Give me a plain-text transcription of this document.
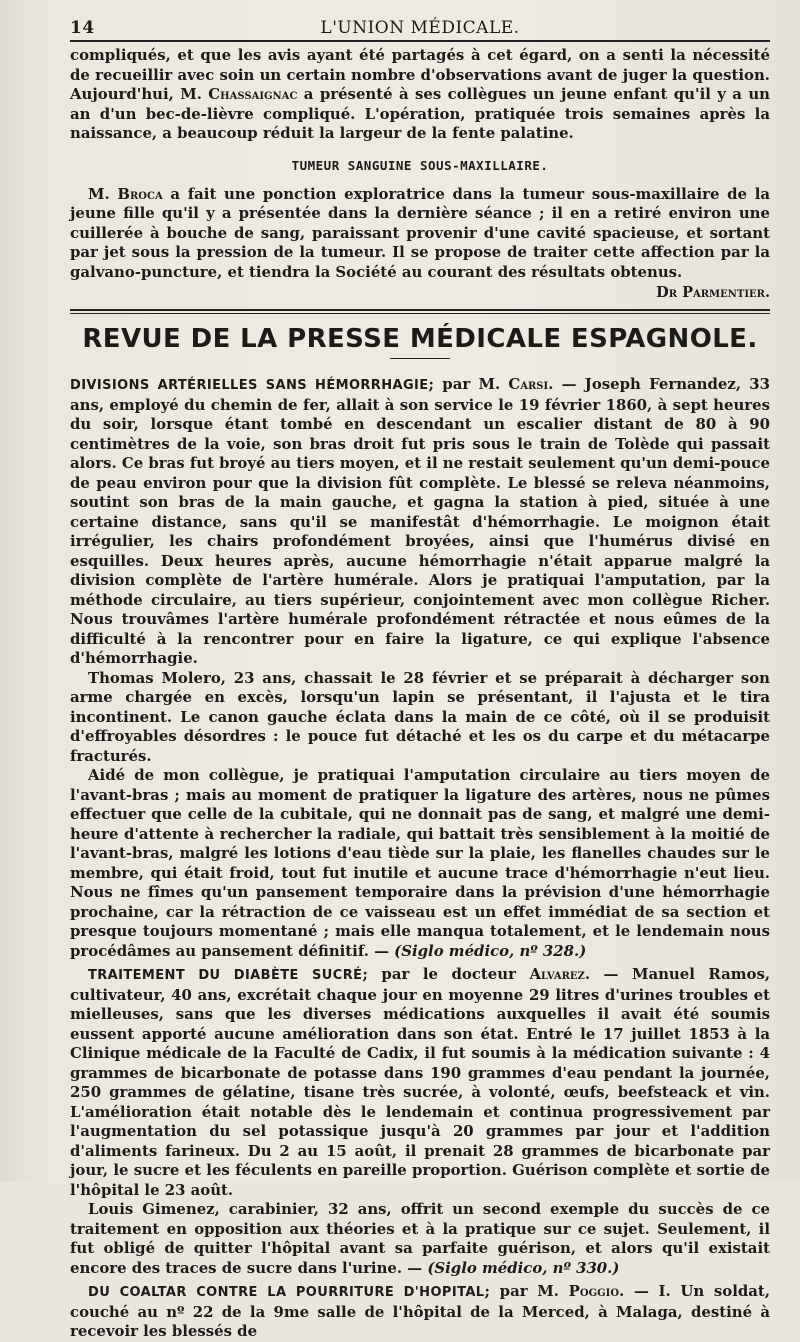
14	L'UNION MÉDICALE.

compliqués, et que les avis ayant été partagés à cet égard, on a senti la nécessité de recueillir avec soin un certain nombre d'observations avant de juger la question. Aujourd'hui, M. Chassaignac a présenté à ses collègues un jeune enfant qu'il y a un an d'un bec-de-lièvre compliqué. L'opération, pratiquée trois semaines après la naissance, a beaucoup réduit la largeur de la fente palatine.

TUMEUR SANGUINE SOUS-MAXILLAIRE.

M. Broca a fait une ponction exploratrice dans la tumeur sous-maxillaire de la jeune fille qu'il y a présentée dans la dernière séance ; il en a retiré environ une cuillerée à bouche de sang, paraissant provenir d'une cavité spacieuse, et sortant par jet sous la pression de la tumeur. Il se propose de traiter cette affection par la galvano-puncture, et tiendra la Société au courant des résultats obtenus.

Dr Parmentier.
REVUE DE LA PRESSE MÉDICALE ESPAGNOLE.

DIVISIONS ARTÉRIELLES SANS HÉMORRHAGIE; par M. Carsi. — Joseph Fernandez, 33 ans, employé du chemin de fer, allait à son service le 19 février 1860, à sept heures du soir, lorsque étant tombé en descendant un escalier distant de 80 à 90 centimètres de la voie, son bras droit fut pris sous le train de Tolède qui passait alors. Ce bras fut broyé au tiers moyen, et il ne restait seulement qu'un demi-pouce de peau environ pour que la division fût complète. Le blessé se releva néanmoins, soutint son bras de la main gauche, et gagna la station à pied, située à une certaine distance, sans qu'il se manifestât d'hémorrhagie. Le moignon était irrégulier, les chairs profondément broyées, ainsi que l'humérus divisé en esquilles. Deux heures après, aucune hémorrhagie n'était apparue malgré la division complète de l'artère humérale. Alors je pratiquai l'amputation, par la méthode circulaire, au tiers supérieur, conjointement avec mon collègue Richer. Nous trouvâmes l'artère humérale profondément rétractée et nous eûmes de la difficulté à la rencontrer pour en faire la ligature, ce qui explique l'absence d'hémorrhagie.

Thomas Molero, 23 ans, chassait le 28 février et se préparait à décharger son arme chargée en excès, lorsqu'un lapin se présentant, il l'ajusta et le tira incontinent. Le canon gauche éclata dans la main de ce côté, où il se produisit d'effroyables désordres : le pouce fut détaché et les os du carpe et du métacarpe fracturés.

Aidé de mon collègue, je pratiquai l'amputation circulaire au tiers moyen de l'avant-bras ; mais au moment de pratiquer la ligature des artères, nous ne pûmes effectuer que celle de la cubitale, qui ne donnait pas de sang, et malgré une demi-heure d'attente à rechercher la radiale, qui battait très sensiblement à la moitié de l'avant-bras, malgré les lotions d'eau tiède sur la plaie, les flanelles chaudes sur le membre, qui était froid, tout fut inutile et aucune trace d'hémorrhagie n'eut lieu. Nous ne fîmes qu'un pansement temporaire dans la prévision d'une hémorrhagie prochaine, car la rétraction de ce vaisseau est un effet immédiat de sa section et presque toujours momentané ; mais elle manqua totalement, et le lendemain nous procédâmes au pansement définitif. — (Siglo médico, nº 328.)

TRAITEMENT DU DIABÈTE SUCRÉ; par le docteur Alvarez. — Manuel Ramos, cultivateur, 40 ans, excrétait chaque jour en moyenne 29 litres d'urines troubles et mielleuses, sans que les diverses médications auxquelles il avait été soumis eussent apporté aucune amélioration dans son état. Entré le 17 juillet 1853 à la Clinique médicale de la Faculté de Cadix, il fut soumis à la médication suivante : 4 grammes de bicarbonate de potasse dans 190 grammes d'eau pendant la journée, 250 grammes de gélatine, tisane très sucrée, à volonté, œufs, beefsteack et vin. L'amélioration était notable dès le lendemain et continua progressivement par l'augmentation du sel potassique jusqu'à 20 grammes par jour et l'addition d'aliments farineux. Du 2 au 15 août, il prenait 28 grammes de bicarbonate par jour, le sucre et les féculents en pareille proportion. Guérison complète et sortie de l'hôpital le 23 août.

Louis Gimenez, carabinier, 32 ans, offrit un second exemple du succès de ce traitement en opposition aux théories et à la pratique sur ce sujet. Seulement, il fut obligé de quitter l'hôpital avant sa parfaite guérison, et alors qu'il existait encore des traces de sucre dans l'urine. — (Siglo médico, nº 330.)

DU COALTAR CONTRE LA POURRITURE D'HOPITAL; par M. Poggio. — I. Un soldat, couché au nº 22 de la 9me salle de l'hôpital de la Merced, à Malaga, destiné à recevoir les blessés de
